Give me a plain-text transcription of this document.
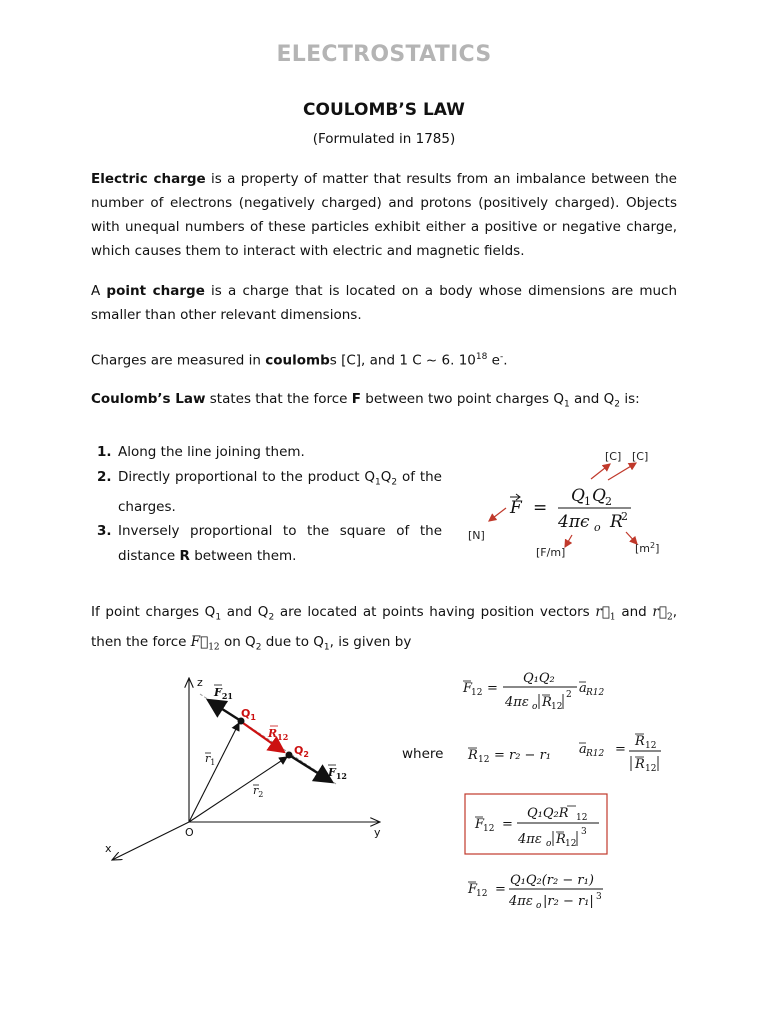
ELECTROSTATICS
COULOMB’S LAW
(Formulated in 1785)
Electric charge is a property of matter that results from an imbalance between the number of electrons (negatively charged) and protons (positively charged). Objects with unequal numbers of these particles exhibit either a positive or negative charge, which causes them to interact with electric and magnetic fields.
A point charge is a charge that is located on a body whose dimensions are much smaller than other relevant dimensions.
Charges are measured in coulombs [C], and 1 C ~ 6. $10^{18}$ e-.
Coulomb’s Law states that the force F between two point charges $Q_1$ and $Q_2$ is:
1. Along the line joining them.
2. Directly proportional to the product $Q_1Q_2$ of the charges.
3. Inversely proportional to the square of the distance R between them.
F =
Q 1 Q 2
4πϵ o R
2
[N]
[C] [C]
[F/m]	$[m^2]$
If point charges $Q_1$ and $Q_2$ are located at points having position vectors $r_1$ and $r_2$, then the force $F_{12}$ on $Q_2$ due to $Q_1$, is given by
z
x
y
O
$Q_1$
$Q_2$
$F_{21}$
$R_{12}$
$F_{12}$
$r_1$
$r_2$
F
12 =
Q₁Q₂
4πε o R 12
2 a R12
R 12 = r₂ − r₁ a R12 =
R 12
R 12
F
12 =
Q₁Q₂R 12
4πε o R 12
3
F
12 =
Q₁Q₂(r₂ − r₁)
4πε o |r₂ − r₁| 3
where
